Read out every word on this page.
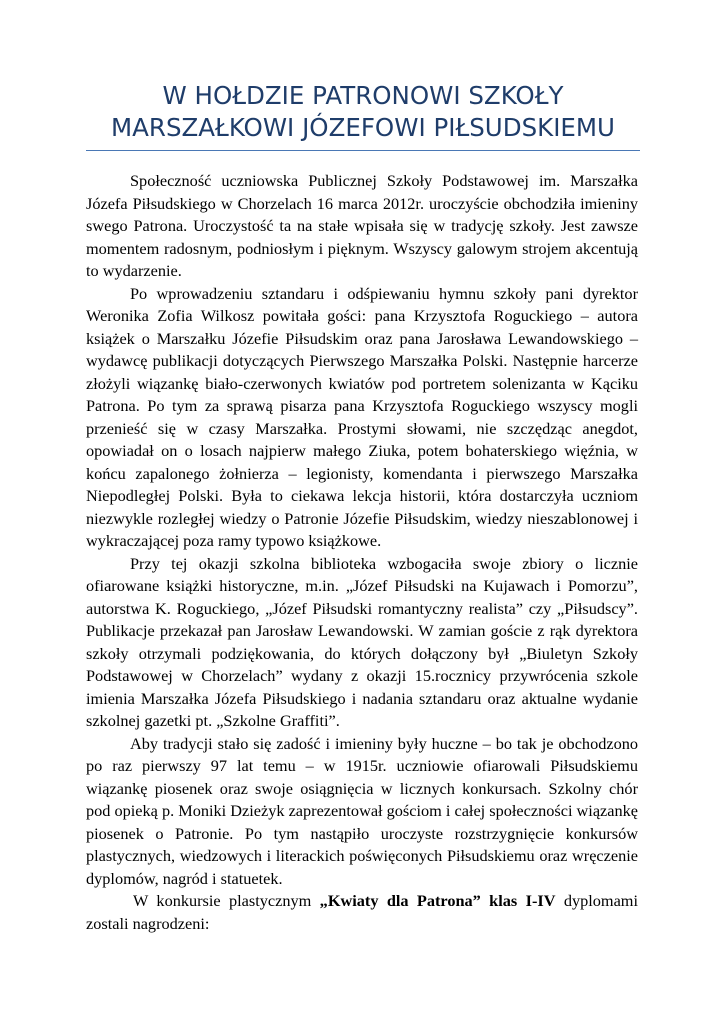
W HOŁDZIE PATRONOWI SZKOŁY
MARSZAŁKOWI JÓZEFOWI PIŁSUDSKIEMU

Społeczność uczniowska Publicznej Szkoły Podstawowej im. Marszałka Józefa Piłsudskiego w Chorzelach 16 marca 2012r. uroczyście obchodziła imieniny swego Patrona. Uroczystość ta na stałe wpisała się w tradycję szkoły. Jest zawsze momentem radosnym, podniosłym i pięknym. Wszyscy galowym strojem akcentują to wydarzenie.

Po wprowadzeniu sztandaru i odśpiewaniu hymnu szkoły pani dyrektor Weronika Zofia Wilkosz powitała gości: pana Krzysztofa Roguckiego – autora książek o Marszałku Józefie Piłsudskim oraz pana Jarosława Lewandowskiego –wydawcę publikacji dotyczących Pierwszego Marszałka Polski. Następnie harcerze złożyli wiązankę biało-czerwonych kwiatów pod portretem solenizanta w Kąciku Patrona. Po tym za sprawą pisarza pana Krzysztofa Roguckiego wszyscy mogli przenieść się w czasy Marszałka. Prostymi słowami, nie szczędząc anegdot, opowiadał on o losach najpierw małego Ziuka, potem bohaterskiego więźnia, w końcu zapalonego żołnierza – legionisty, komendanta i pierwszego Marszałka Niepodległej Polski. Była to ciekawa lekcja historii, która dostarczyła uczniom niezwykle rozległej wiedzy o Patronie Józefie Piłsudskim, wiedzy nieszablonowej i wykraczającej poza ramy typowo książkowe.

Przy tej okazji szkolna biblioteka wzbogaciła swoje zbiory o licznie ofiarowane książki historyczne, m.in. „Józef Piłsudski na Kujawach i Pomorzu”, autorstwa K. Roguckiego, „Józef Piłsudski romantyczny realista” czy „Piłsudscy”. Publikacje przekazał pan Jarosław Lewandowski. W zamian goście z rąk dyrektora szkoły otrzymali podziękowania, do których dołączony był „Biuletyn Szkoły Podstawowej w Chorzelach” wydany z okazji 15.rocznicy przywrócenia szkole imienia Marszałka Józefa Piłsudskiego i nadania sztandaru oraz aktualne wydanie szkolnej gazetki pt. „Szkolne Graffiti”.

Aby tradycji stało się zadość i imieniny były huczne – bo tak je obchodzono po raz pierwszy 97 lat temu – w 1915r. uczniowie ofiarowali Piłsudskiemu wiązankę piosenek oraz swoje osiągnięcia w licznych konkursach. Szkolny chór pod opieką p. Moniki Dzieżyk zaprezentował gościom i całej społeczności wiązankę piosenek o Patronie. Po tym nastąpiło uroczyste rozstrzygnięcie konkursów plastycznych, wiedzowych i literackich poświęconych Piłsudskiemu oraz wręczenie dyplomów, nagród i statuetek.

W konkursie plastycznym „Kwiaty dla Patrona” klas I-IV dyplomami zostali nagrodzeni:
